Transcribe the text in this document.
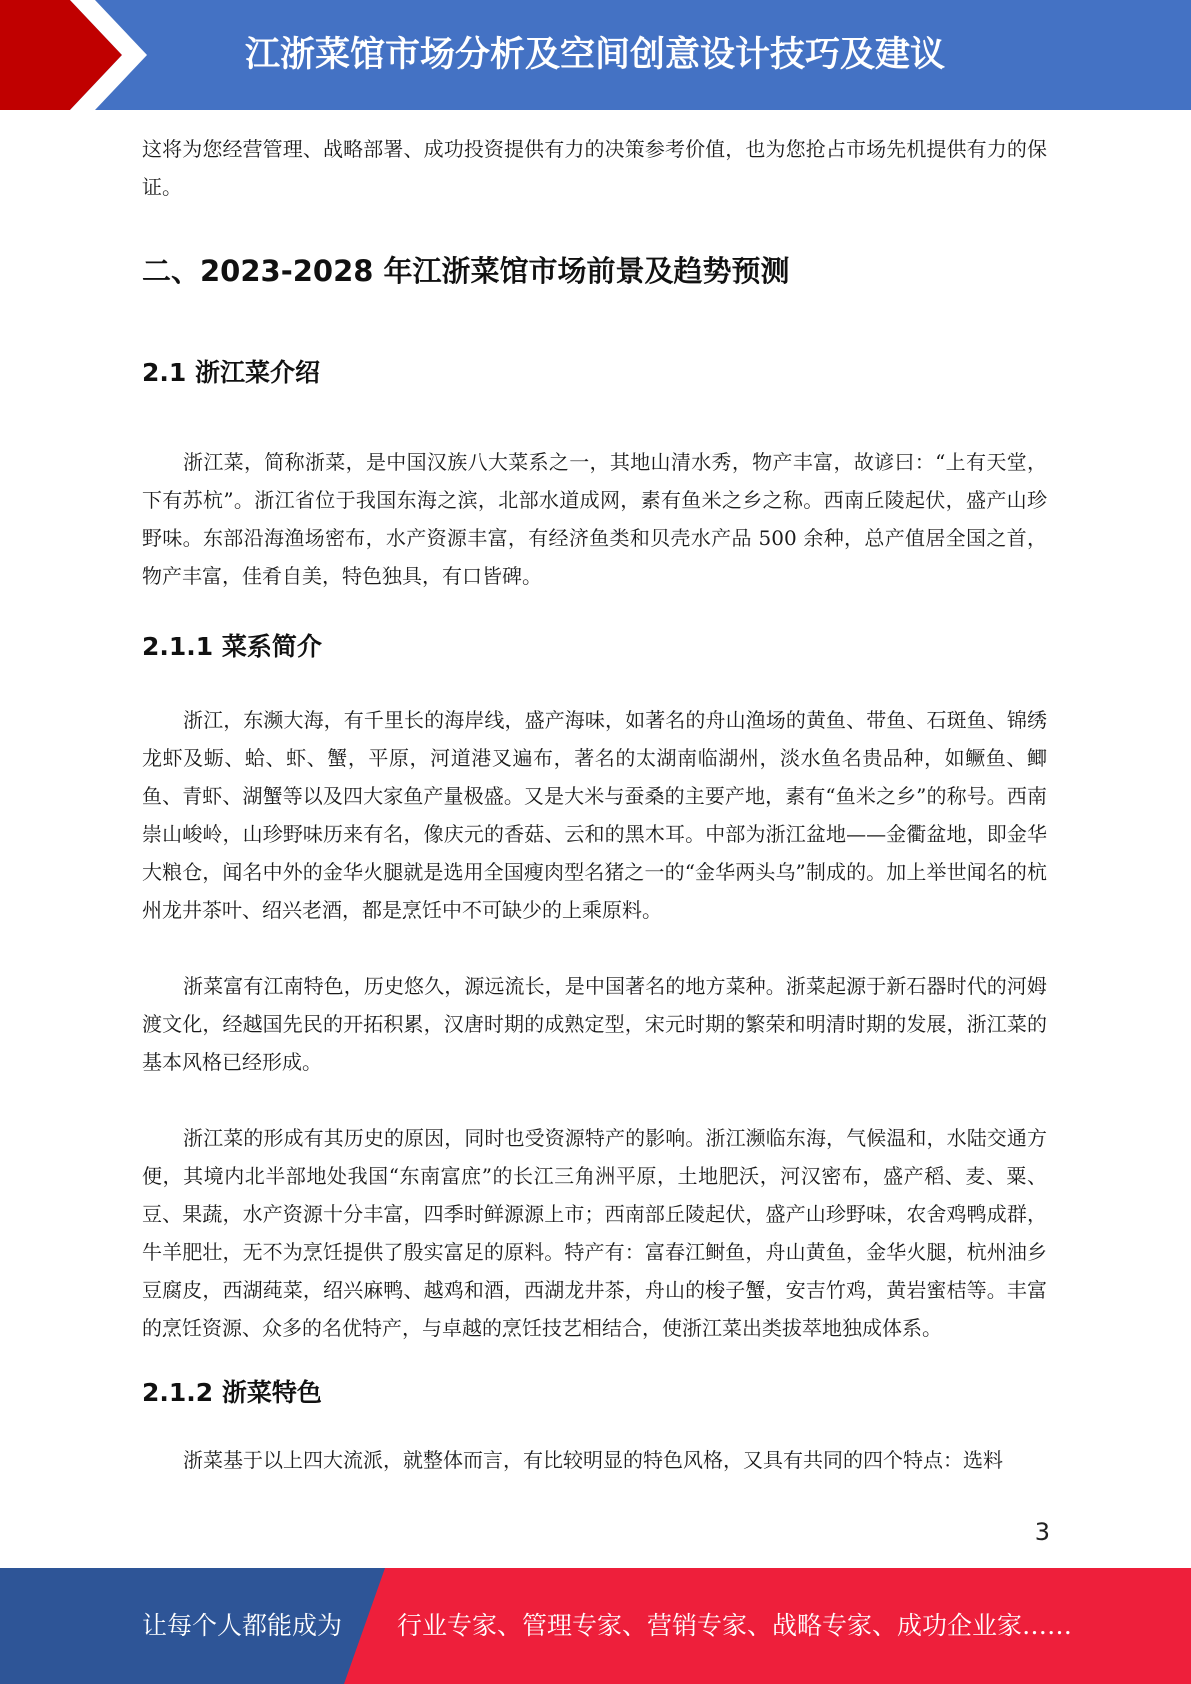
江浙菜馆市场分析及空间创意设计技巧及建议

这将为您经营管理、战略部署、成功投资提供有力的决策参考价值，也为您抢占市场先机提供有力的保证。

二、2023-2028 年江浙菜馆市场前景及趋势预测
2.1 浙江菜介绍

浙江菜，简称浙菜，是中国汉族八大菜系之一，其地山清水秀，物产丰富，故谚曰：“上有天堂，下有苏杭”。浙江省位于我国东海之滨，北部水道成网，素有鱼米之乡之称。西南丘陵起伏，盛产山珍野味。东部沿海渔场密布，水产资源丰富，有经济鱼类和贝壳水产品 500 余种，总产值居全国之首，物产丰富，佳肴自美，特色独具，有口皆碑。

2.1.1 菜系简介

浙江，东濒大海，有千里长的海岸线，盛产海味，如著名的舟山渔场的黄鱼、带鱼、石斑鱼、锦绣龙虾及蛎、蛤、虾、蟹，平原，河道港叉遍布，著名的太湖南临湖州，淡水鱼名贵品种，如鳜鱼、鲫鱼、青虾、湖蟹等以及四大家鱼产量极盛。又是大米与蚕桑的主要产地，素有“鱼米之乡”的称号。西南崇山峻岭，山珍野味历来有名，像庆元的香菇、云和的黑木耳。中部为浙江盆地——金衢盆地，即金华大粮仓，闻名中外的金华火腿就是选用全国瘦肉型名猪之一的“金华两头乌”制成的。加上举世闻名的杭州龙井茶叶、绍兴老酒，都是烹饪中不可缺少的上乘原料。

浙菜富有江南特色，历史悠久，源远流长，是中国著名的地方菜种。浙菜起源于新石器时代的河姆渡文化，经越国先民的开拓积累，汉唐时期的成熟定型，宋元时期的繁荣和明清时期的发展，浙江菜的基本风格已经形成。

浙江菜的形成有其历史的原因，同时也受资源特产的影响。浙江濒临东海，气候温和，水陆交通方便，其境内北半部地处我国“东南富庶”的长江三角洲平原，土地肥沃，河汉密布，盛产稻、麦、粟、豆、果蔬，水产资源十分丰富，四季时鲜源源上市；西南部丘陵起伏，盛产山珍野味，农舍鸡鸭成群，牛羊肥壮，无不为烹饪提供了殷实富足的原料。特产有：富春江鲥鱼，舟山黄鱼，金华火腿，杭州油乡豆腐皮，西湖莼菜，绍兴麻鸭、越鸡和酒，西湖龙井茶，舟山的梭子蟹，安吉竹鸡，黄岩蜜桔等。丰富的烹饪资源、众多的名优特产，与卓越的烹饪技艺相结合，使浙江菜出类拔萃地独成体系。

2.1.2 浙菜特色

浙菜基于以上四大流派，就整体而言，有比较明显的特色风格，又具有共同的四个特点：选料

3
让每个人都能成为 行业专家、管理专家、营销专家、战略专家、成功企业家……
